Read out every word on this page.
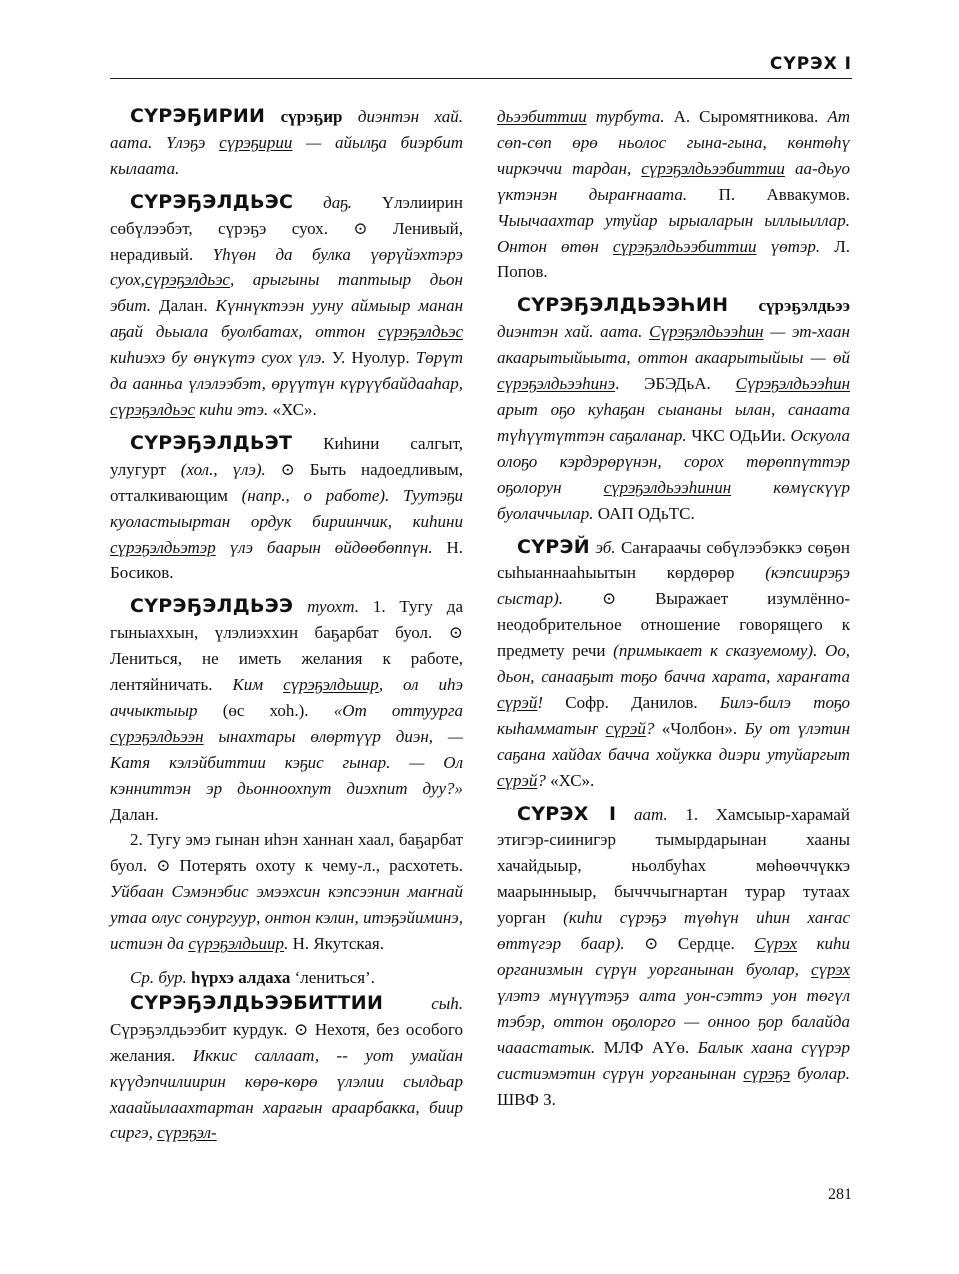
СҮРЭХ I

СҮРЭҔИРИИ сүрэҕир диэнтэн хай. аата. Үлэҕэ сүрэҕирии — айылҕа биэрбит кылаата.

СҮРЭҔЭЛДЬЭС даҕ. Үлэлиирин сөбүлээбэт, сүрэҕэ суох. ⊙ Ленивый, нерадивый. Үһүөн да булка үөрүйэхтэрэ суох,сүрэҕэлдьэс, арыгыны таптыыр дьон эбит. Далан. Күннүктээн ууну аймыыр манан аҕай дьыала буолбатах, оттон сүрэҕэлдьэс киһиэхэ бу өнүкүтэ суох үлэ. У. Нуолур. Төрүт да аанньа үлэлээбэт, өрүүтүн күрүүбайдааһар, сүрэҕэлдьэс киһи этэ. «ХС».

СҮРЭҔЭЛДЬЭТ Киһини салгыт, улугурт (хол., үлэ). ⊙ Быть надоедливым, отталкивающим (напр., о работе). Туутэҕи куоластыыртан ордук бириинчик, киһини сүрэҕэлдьэтэр үлэ баарын өйдөөбөппүн. Н. Босиков.

СҮРЭҔЭЛДЬЭЭ туохт. 1. Тугу да гыныаххын, үлэлиэххин баҕарбат буол. ⊙ Лениться, не иметь желания к работе, лентяйничать. Ким сүрэҕэлдьиир, ол иһэ аччыктыыр (өс хоһ.). «От оттуурга сүрэҕэлдьээн ынахтары өлөртүүр диэн, — Катя кэлэйбиттии кэҕис гынар. — Ол кэнниттэн эр дьонноохпут диэхпит дуу?» Далан.

2. Тугу эмэ гынан иһэн ханнан хаал, баҕарбат буол. ⊙ Потерять охоту к чему-л., расхотеть. Уйбаан Сэмэнэбис эмээхсин кэпсээнин маҥнай утаа олус сонургуур, онтон кэлин, итэҕэйиминэ, истиэн да сүрэҕэлдьиир. Н. Якутская.

Ср. бур. һүрхэ алдаха ‘лениться’.

СҮРЭҔЭЛДЬЭЭБИТТИИ	сыһ. Сүрэҕэлдьээбит курдук. ⊙ Нехотя, без особого желания. Иккис саллаат, -- уот умайан күүдэпчилиирин көрө-көрө үлэлии сылдьар хааайылаахтартан харағын араарбакка, биир сиргэ, сүрэҕэл-

дьээбиттии турбута. А. Сыромятникова. Ат сөп-сөп өрө ньолос гына-гына, көнтөһү чиркэччи тардан, сүрэҕэлдьээбиттии аа-дьуо үктэнэн дыраҥнаата. П. Аввакумов. Чыычаахтар утуйар ырыаларын ыллыыллар. Онтон өтөн сүрэҕэлдьээбиттии үөтэр. Л. Попов.

СҮРЭҔЭЛДЬЭЭҺИН сүрэҕэлдьээ диэнтэн хай. аата. Сүрэҕэлдьээһин — эт-хаан акаарытыйыыта, оттон акаарытыйыы — өй сүрэҕэлдьээһинэ. ЭБЭДьА. Сүрэҕэлдьээһин арыт оҕо куһаҕан сыананы ылан, санаата түһүүтүттэн саҕаланар. ЧКС ОДьИи. Оскуола олоҕо кэрдэрөрүнэн, сорох төрөппүттэр оҕолорун сүрэҕэлдьээһинин көмүскүүр буолаччылар. ОАП ОДьТС.

СҮРЭЙ эб. Саҥараачы сөбүлээбэккэ сөҕөн сыһыаннааһыытын көрдөрөр (кэпсиирэҕэ сыстар). ⊙ Выражает изумлённо-неодобрительное отношение говорящего к предмету речи (примыкает к сказуемому). Оо, дьон, санааҕыт тоҕо баччa харата, хараҥата сүрэй! Софр. Данилов. Билэ-билэ тоҕо кыһамматыҥ сүрэй? «Чолбон». Бу от үлэтин саҕана хайдах баччa хойукка диэри утуйаргыт сүрэй? «ХС».

СҮРЭХ I аат. 1. Хамсыыр-харамай этигэр-сиинигэр тымырдарынан хааны хачайдыыр, ньолбуһах мөһөөччүккэ маарынныыр, бычччыгнартан турар тутаах уорган (киһи сүрэҕэ түөһүн иһин хаҥас өттүгэр баар). ⊙ Сердце. Сүрэх киһи организмын сүрүн уорганынан буолар, сүрэх үлэтэ мүнүүтэҕэ алта уон-сэттэ уон төгүл тэбэр, оттон оҕолорго — онноо ҕор балайда чааастатык. МЛФ АҮө. Балык хаана сүүрэр систиэмэтин сүрүн уорганынан сүрэҕэ буолар. ШВФ З.

281
